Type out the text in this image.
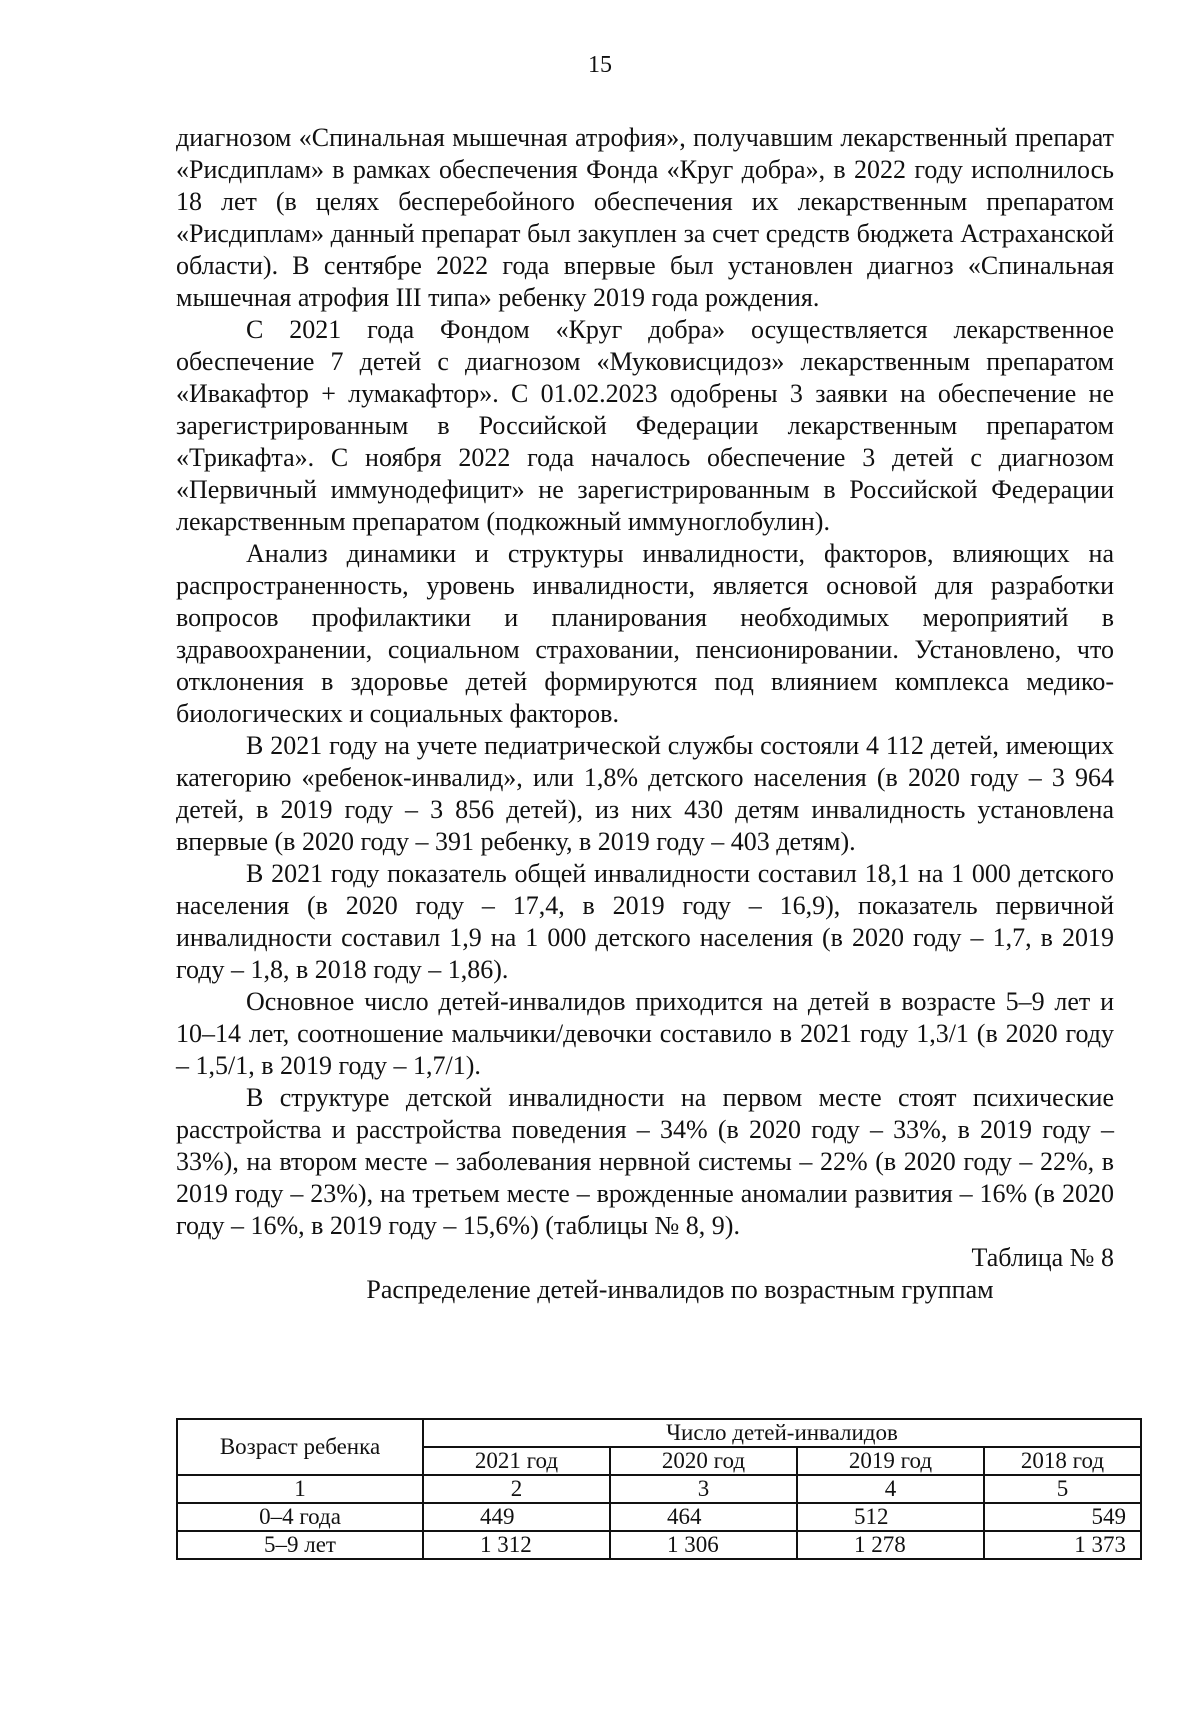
15

диагнозом «Спинальная мышечная атрофия», получавшим лекарственный препарат «Рисдиплам» в рамках обеспечения Фонда «Круг добра», в 2022 году исполнилось 18 лет (в целях бесперебойного обеспечения их лекарственным препаратом «Рисдиплам» данный препарат был закуплен за счет средств бюджета Астраханской области). В сентябре 2022 года впервые был установлен диагноз «Спинальная мышечная атрофия III типа» ребенку 2019 года рождения.

С 2021 года Фондом «Круг добра» осуществляется лекарственное обеспечение 7 детей с диагнозом «Муковисцидоз» лекарственным препаратом «Ивакафтор + лумакафтор». С 01.02.2023 одобрены 3 заявки на обеспечение не зарегистрированным в Российской Федерации лекарственным препаратом «Трикафта». С ноября 2022 года началось обеспечение 3 детей с диагнозом «Первичный иммунодефицит» не зарегистрированным в Российской Федерации лекарственным препаратом (подкожный иммуноглобулин).

Анализ динамики и структуры инвалидности, факторов, влияющих на распространенность, уровень инвалидности, является основой для разработки вопросов профилактики и планирования необходимых мероприятий в здравоохранении, социальном страховании, пенсионировании. Установлено, что отклонения в здоровье детей формируются под влиянием комплекса медико-биологических и социальных факторов.

В 2021 году на учете педиатрической службы состояли 4 112 детей, имеющих категорию «ребенок-инвалид», или 1,8% детского населения (в 2020 году – 3 964 детей, в 2019 году – 3 856 детей), из них 430 детям инвалидность установлена впервые (в 2020 году – 391 ребенку, в 2019 году – 403 детям).

В 2021 году показатель общей инвалидности составил 18,1 на 1 000 детского населения (в 2020 году – 17,4, в 2019 году – 16,9), показатель первичной инвалидности составил 1,9 на 1 000 детского населения (в 2020 году – 1,7, в 2019 году – 1,8, в 2018 году – 1,86).

Основное число детей-инвалидов приходится на детей в возрасте 5–9 лет и 10–14 лет, соотношение мальчики/девочки составило в 2021 году 1,3/1 (в 2020 году – 1,5/1, в 2019 году – 1,7/1).

В структуре детской инвалидности на первом месте стоят психические расстройства и расстройства поведения – 34% (в 2020 году – 33%, в 2019 году – 33%), на втором месте – заболевания нервной системы – 22% (в 2020 году – 22%, в 2019 году – 23%), на третьем месте – врожденные аномалии развития – 16% (в 2020 году – 16%, в 2019 году – 15,6%) (таблицы № 8, 9).

Таблица № 8

Распределение детей-инвалидов по возрастным группам

Возраст ребенка	Число детей-инвалидов			
	2021 год	2020 год	2019 год	2018 год
1	2	3	4	5
0–4 года	449	464	512	549
5–9 лет	1 312	1 306	1 278	1 373
